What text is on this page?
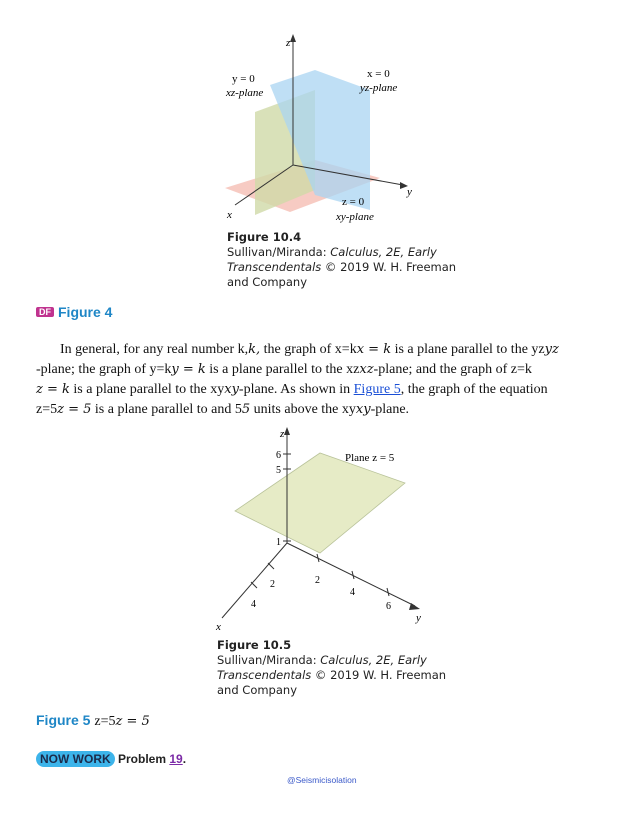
z
y
x
y = 0
xz-plane
x = 0
yz-plane
z = 0
xy-plane
Figure 10.4
Sullivan/Miranda: Calculus, 2E, Early
Transcendentals © 2019 W. H. Freeman
and Company
DF Figure 4
In general, for any real number k,k, the graph of x=kx = k is a plane parallel to the yzyz
-plane; the graph of y=ky = k is a plane parallel to the xzxz-plane; and the graph of z=k
z = k is a plane parallel to the xyxy-plane. As shown in Figure 5, the graph of the equation
z=5z = 5 is a plane parallel to and 55 units above the xyxy-plane.
z
y
x
Plane z = 5
6
5
1
2
4
6
2
4
Figure 10.5
Sullivan/Miranda: Calculus, 2E, Early
Transcendentals © 2019 W. H. Freeman
and Company
Figure 5 z=5z = 5
NOW WORK Problem 19.
@Seismicisolation
